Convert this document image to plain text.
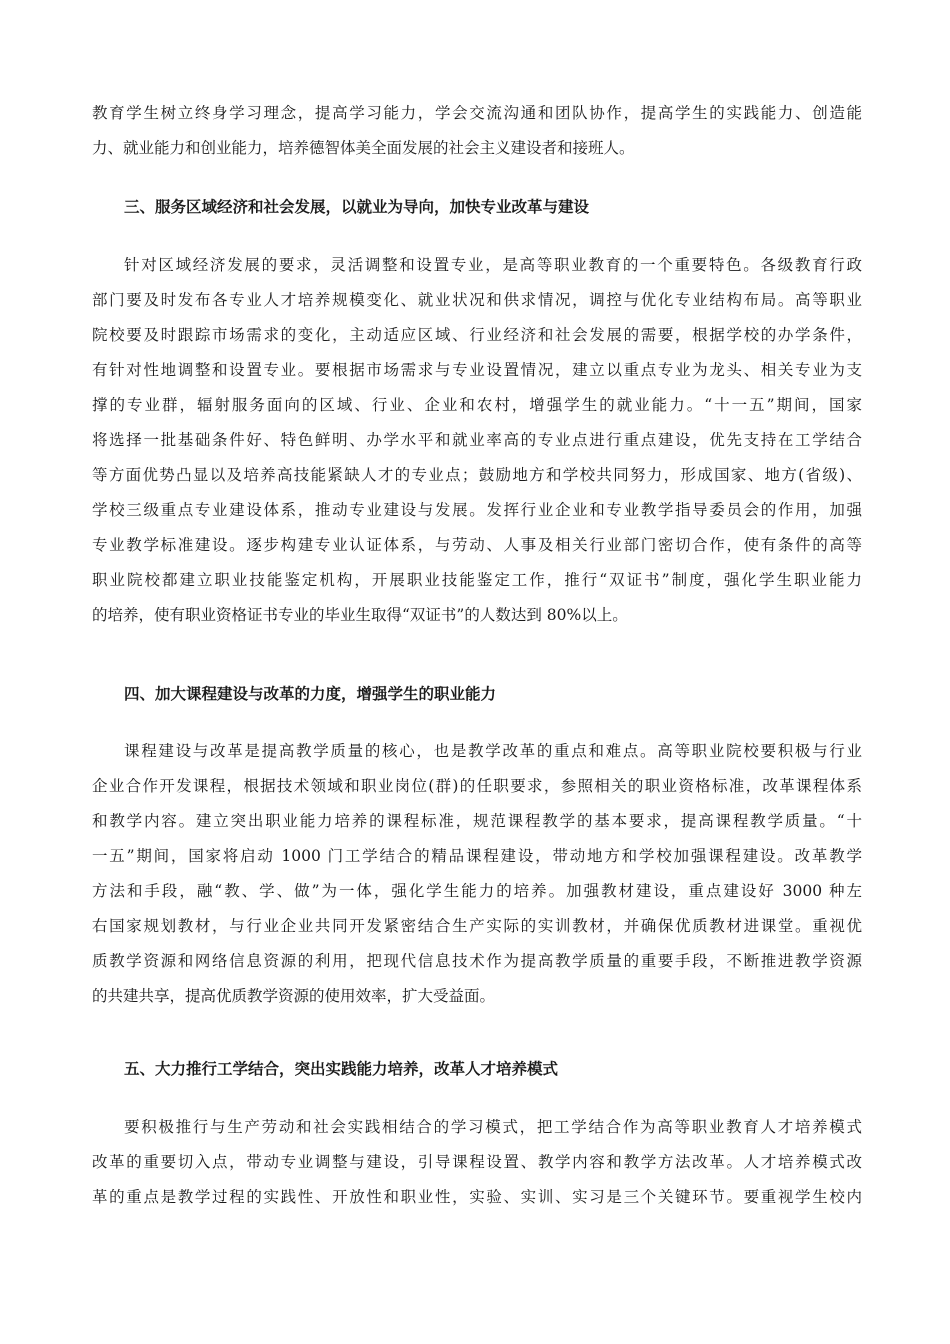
教育学生树立终身学习理念，提高学习能力，学会交流沟通和团队协作，提高学生的实践能力、创造能
力、就业能力和创业能力，培养德智体美全面发展的社会主义建设者和接班人。
三、服务区域经济和社会发展，以就业为导向，加快专业改革与建设
针对区域经济发展的要求，灵活调整和设置专业，是高等职业教育的一个重要特色。各级教育行政
部门要及时发布各专业人才培养规模变化、就业状况和供求情况，调控与优化专业结构布局。高等职业
院校要及时跟踪市场需求的变化，主动适应区域、行业经济和社会发展的需要，根据学校的办学条件，
有针对性地调整和设置专业。要根据市场需求与专业设置情况，建立以重点专业为龙头、相关专业为支
撑的专业群，辐射服务面向的区域、行业、企业和农村，增强学生的就业能力。“十一五”期间，国家
将选择一批基础条件好、特色鲜明、办学水平和就业率高的专业点进行重点建设，优先支持在工学结合
等方面优势凸显以及培养高技能紧缺人才的专业点；鼓励地方和学校共同努力，形成国家、地方(省级)、
学校三级重点专业建设体系，推动专业建设与发展。发挥行业企业和专业教学指导委员会的作用，加强
专业教学标准建设。逐步构建专业认证体系，与劳动、人事及相关行业部门密切合作，使有条件的高等
职业院校都建立职业技能鉴定机构，开展职业技能鉴定工作，推行“双证书”制度，强化学生职业能力
的培养，使有职业资格证书专业的毕业生取得“双证书”的人数达到 80%以上。
四、加大课程建设与改革的力度，增强学生的职业能力
课程建设与改革是提高教学质量的核心，也是教学改革的重点和难点。高等职业院校要积极与行业
企业合作开发课程，根据技术领域和职业岗位(群)的任职要求，参照相关的职业资格标准，改革课程体系
和教学内容。建立突出职业能力培养的课程标准，规范课程教学的基本要求，提高课程教学质量。“十
一五”期间，国家将启动 1000 门工学结合的精品课程建设，带动地方和学校加强课程建设。改革教学
方法和手段，融“教、学、做”为一体，强化学生能力的培养。加强教材建设，重点建设好 3000 种左
右国家规划教材，与行业企业共同开发紧密结合生产实际的实训教材，并确保优质教材进课堂。重视优
质教学资源和网络信息资源的利用，把现代信息技术作为提高教学质量的重要手段，不断推进教学资源
的共建共享，提高优质教学资源的使用效率，扩大受益面。
五、大力推行工学结合，突出实践能力培养，改革人才培养模式
要积极推行与生产劳动和社会实践相结合的学习模式，把工学结合作为高等职业教育人才培养模式
改革的重要切入点，带动专业调整与建设，引导课程设置、教学内容和教学方法改革。人才培养模式改
革的重点是教学过程的实践性、开放性和职业性，实验、实训、实习是三个关键环节。要重视学生校内
